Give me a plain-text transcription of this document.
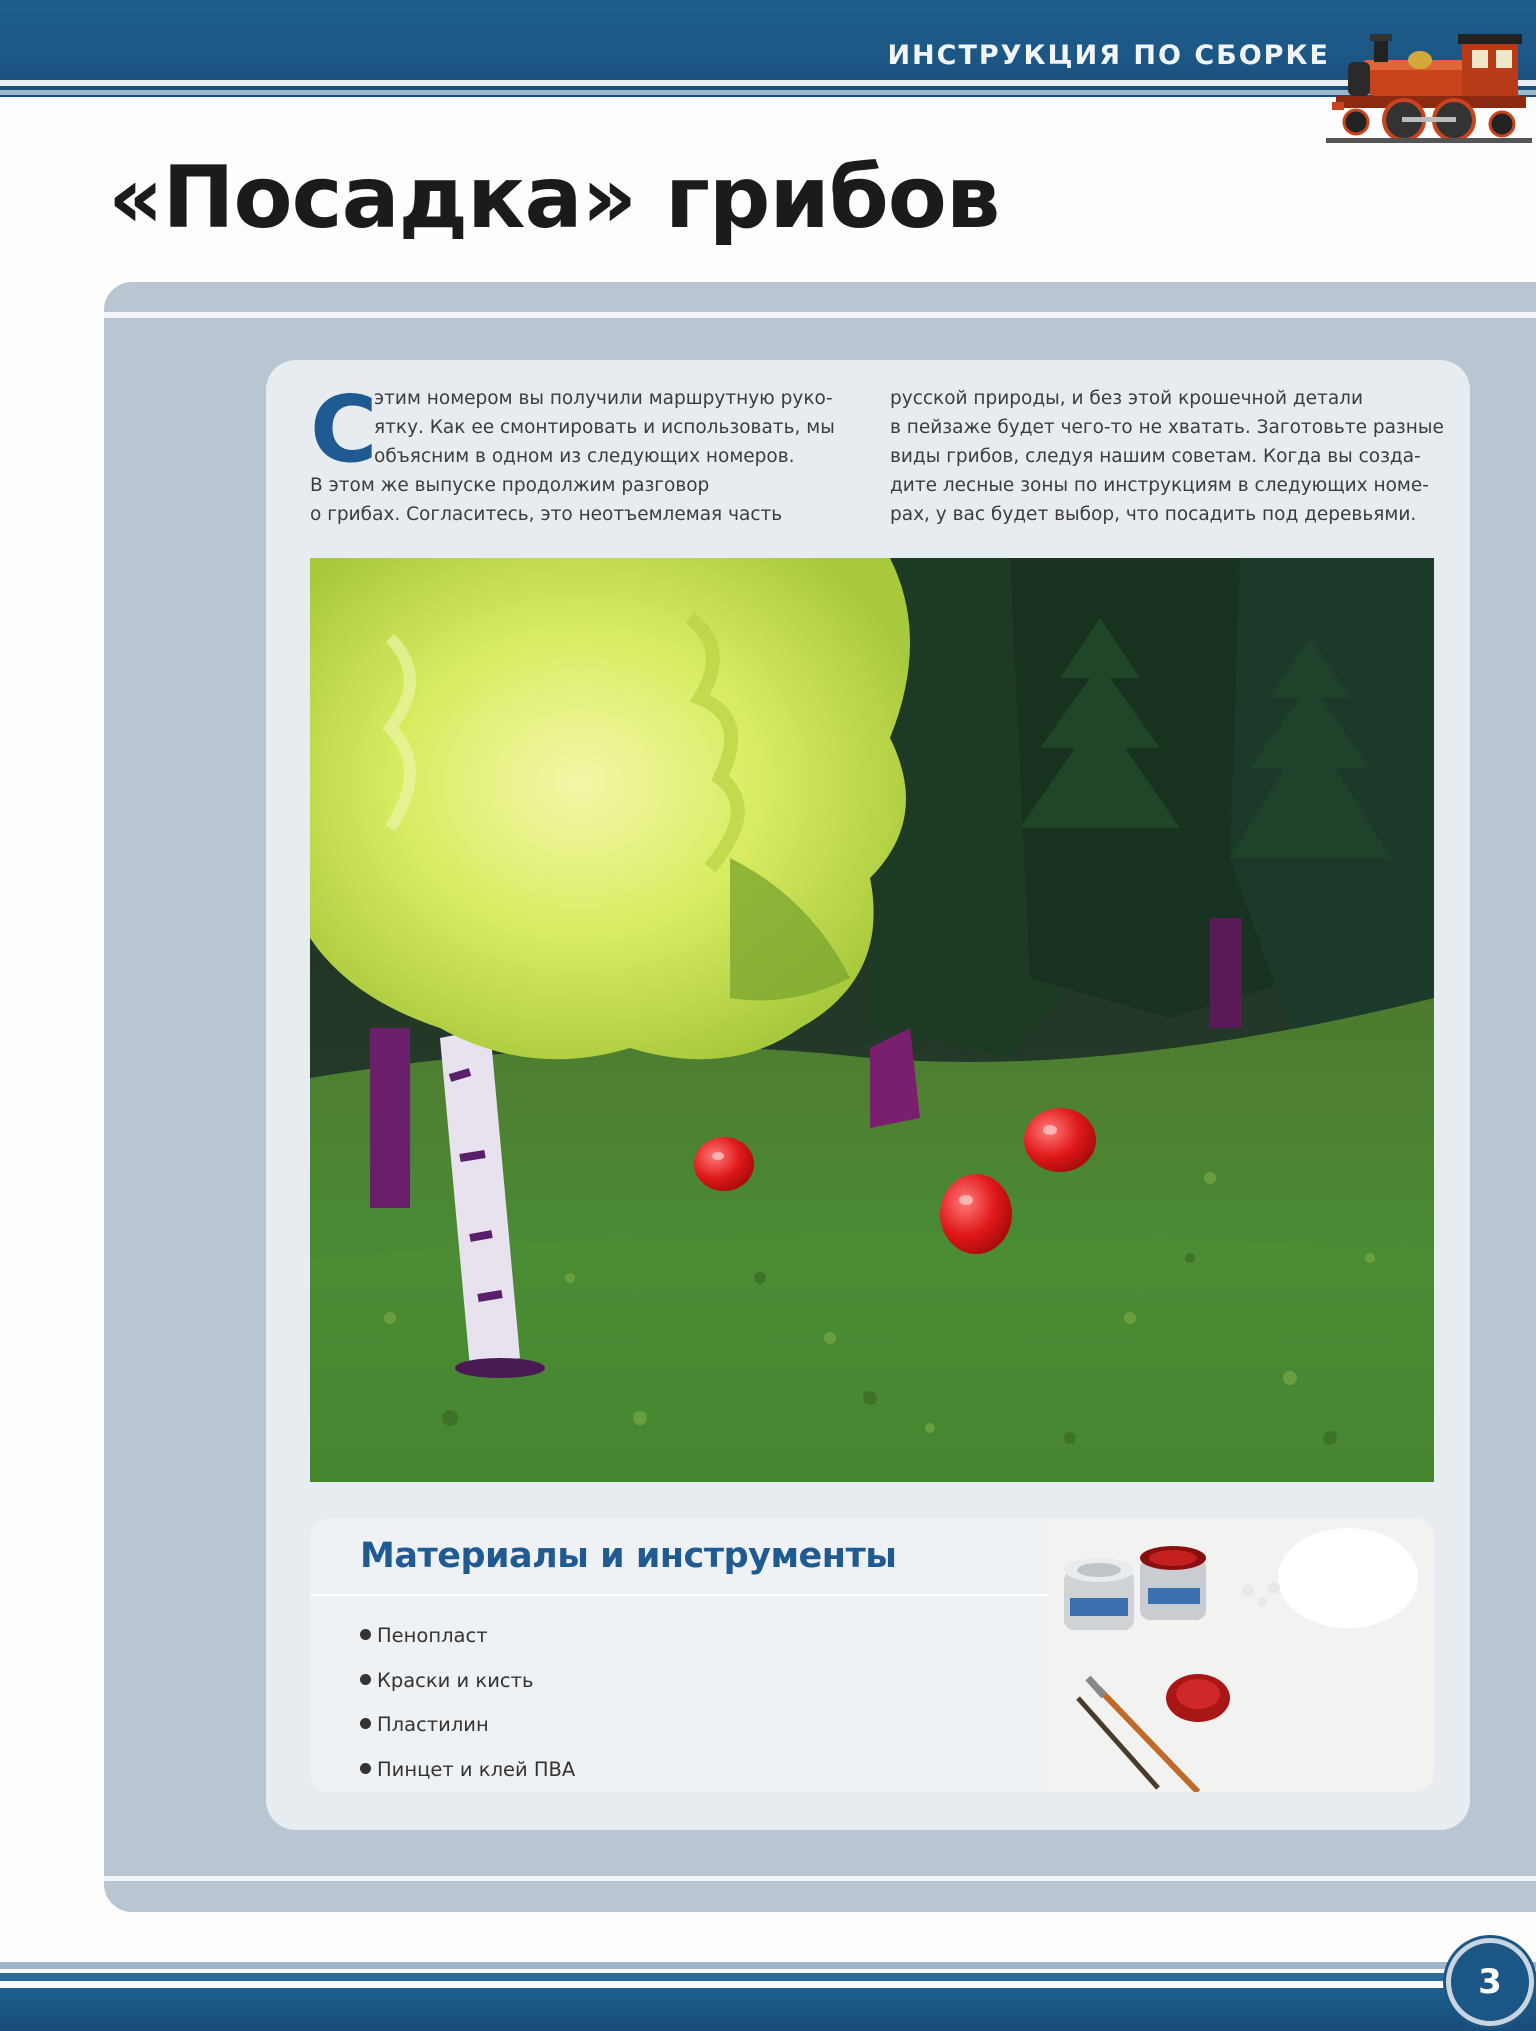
ИНСТРУКЦИЯ ПО СБОРКЕ
«Посадка» грибов
С
этим номером вы получили маршрутную руко-
ятку. Как ее смонтировать и использовать, мы
объясним в одном из следующих номеров.
В этом же выпуске продолжим разговор
о грибах. Согласитесь, это неотъемлемая часть
русской природы, и без этой крошечной детали
в пейзаже будет чего-то не хватать. Заготовьте разные
виды грибов, следуя нашим советам. Когда вы созда-
дите лесные зоны по инструкциям в следующих номе-
рах, у вас будет выбор, что посадить под деревьями.
Материалы и инструменты
Пенопласт
Краски и кисть
Пластилин
Пинцет и клей ПВА
3
